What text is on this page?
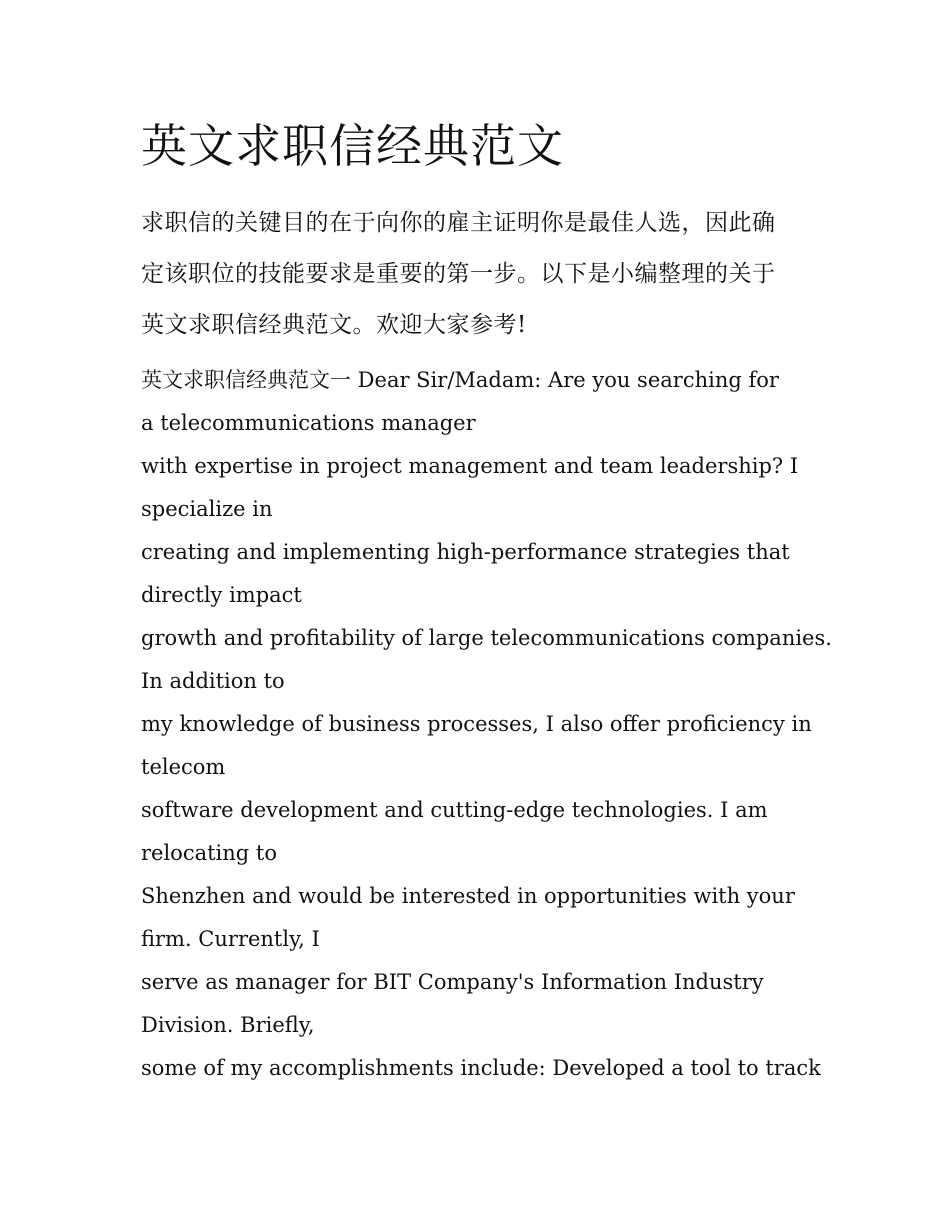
英文求职信经典范文

求职信的关键目的在于向你的雇主证明你是最佳人选，因此确
定该职位的技能要求是重要的第一步。以下是小编整理的关于
英文求职信经典范文。欢迎大家参考!

英文求职信经典范文一 Dear Sir/Madam: Are you searching for
a telecommunications manager
with expertise in project management and team leadership? I
specialize in
creating and implementing high-performance strategies that
directly impact
growth and profitability of large telecommunications companies.
In addition to
my knowledge of business processes, I also offer proficiency in
telecom
software development and cutting-edge technologies. I am
relocating to
Shenzhen and would be interested in opportunities with your
firm. Currently, I
serve as manager for BIT Company's Information Industry
Division. Briefly,
some of my accomplishments include: Developed a tool to track
